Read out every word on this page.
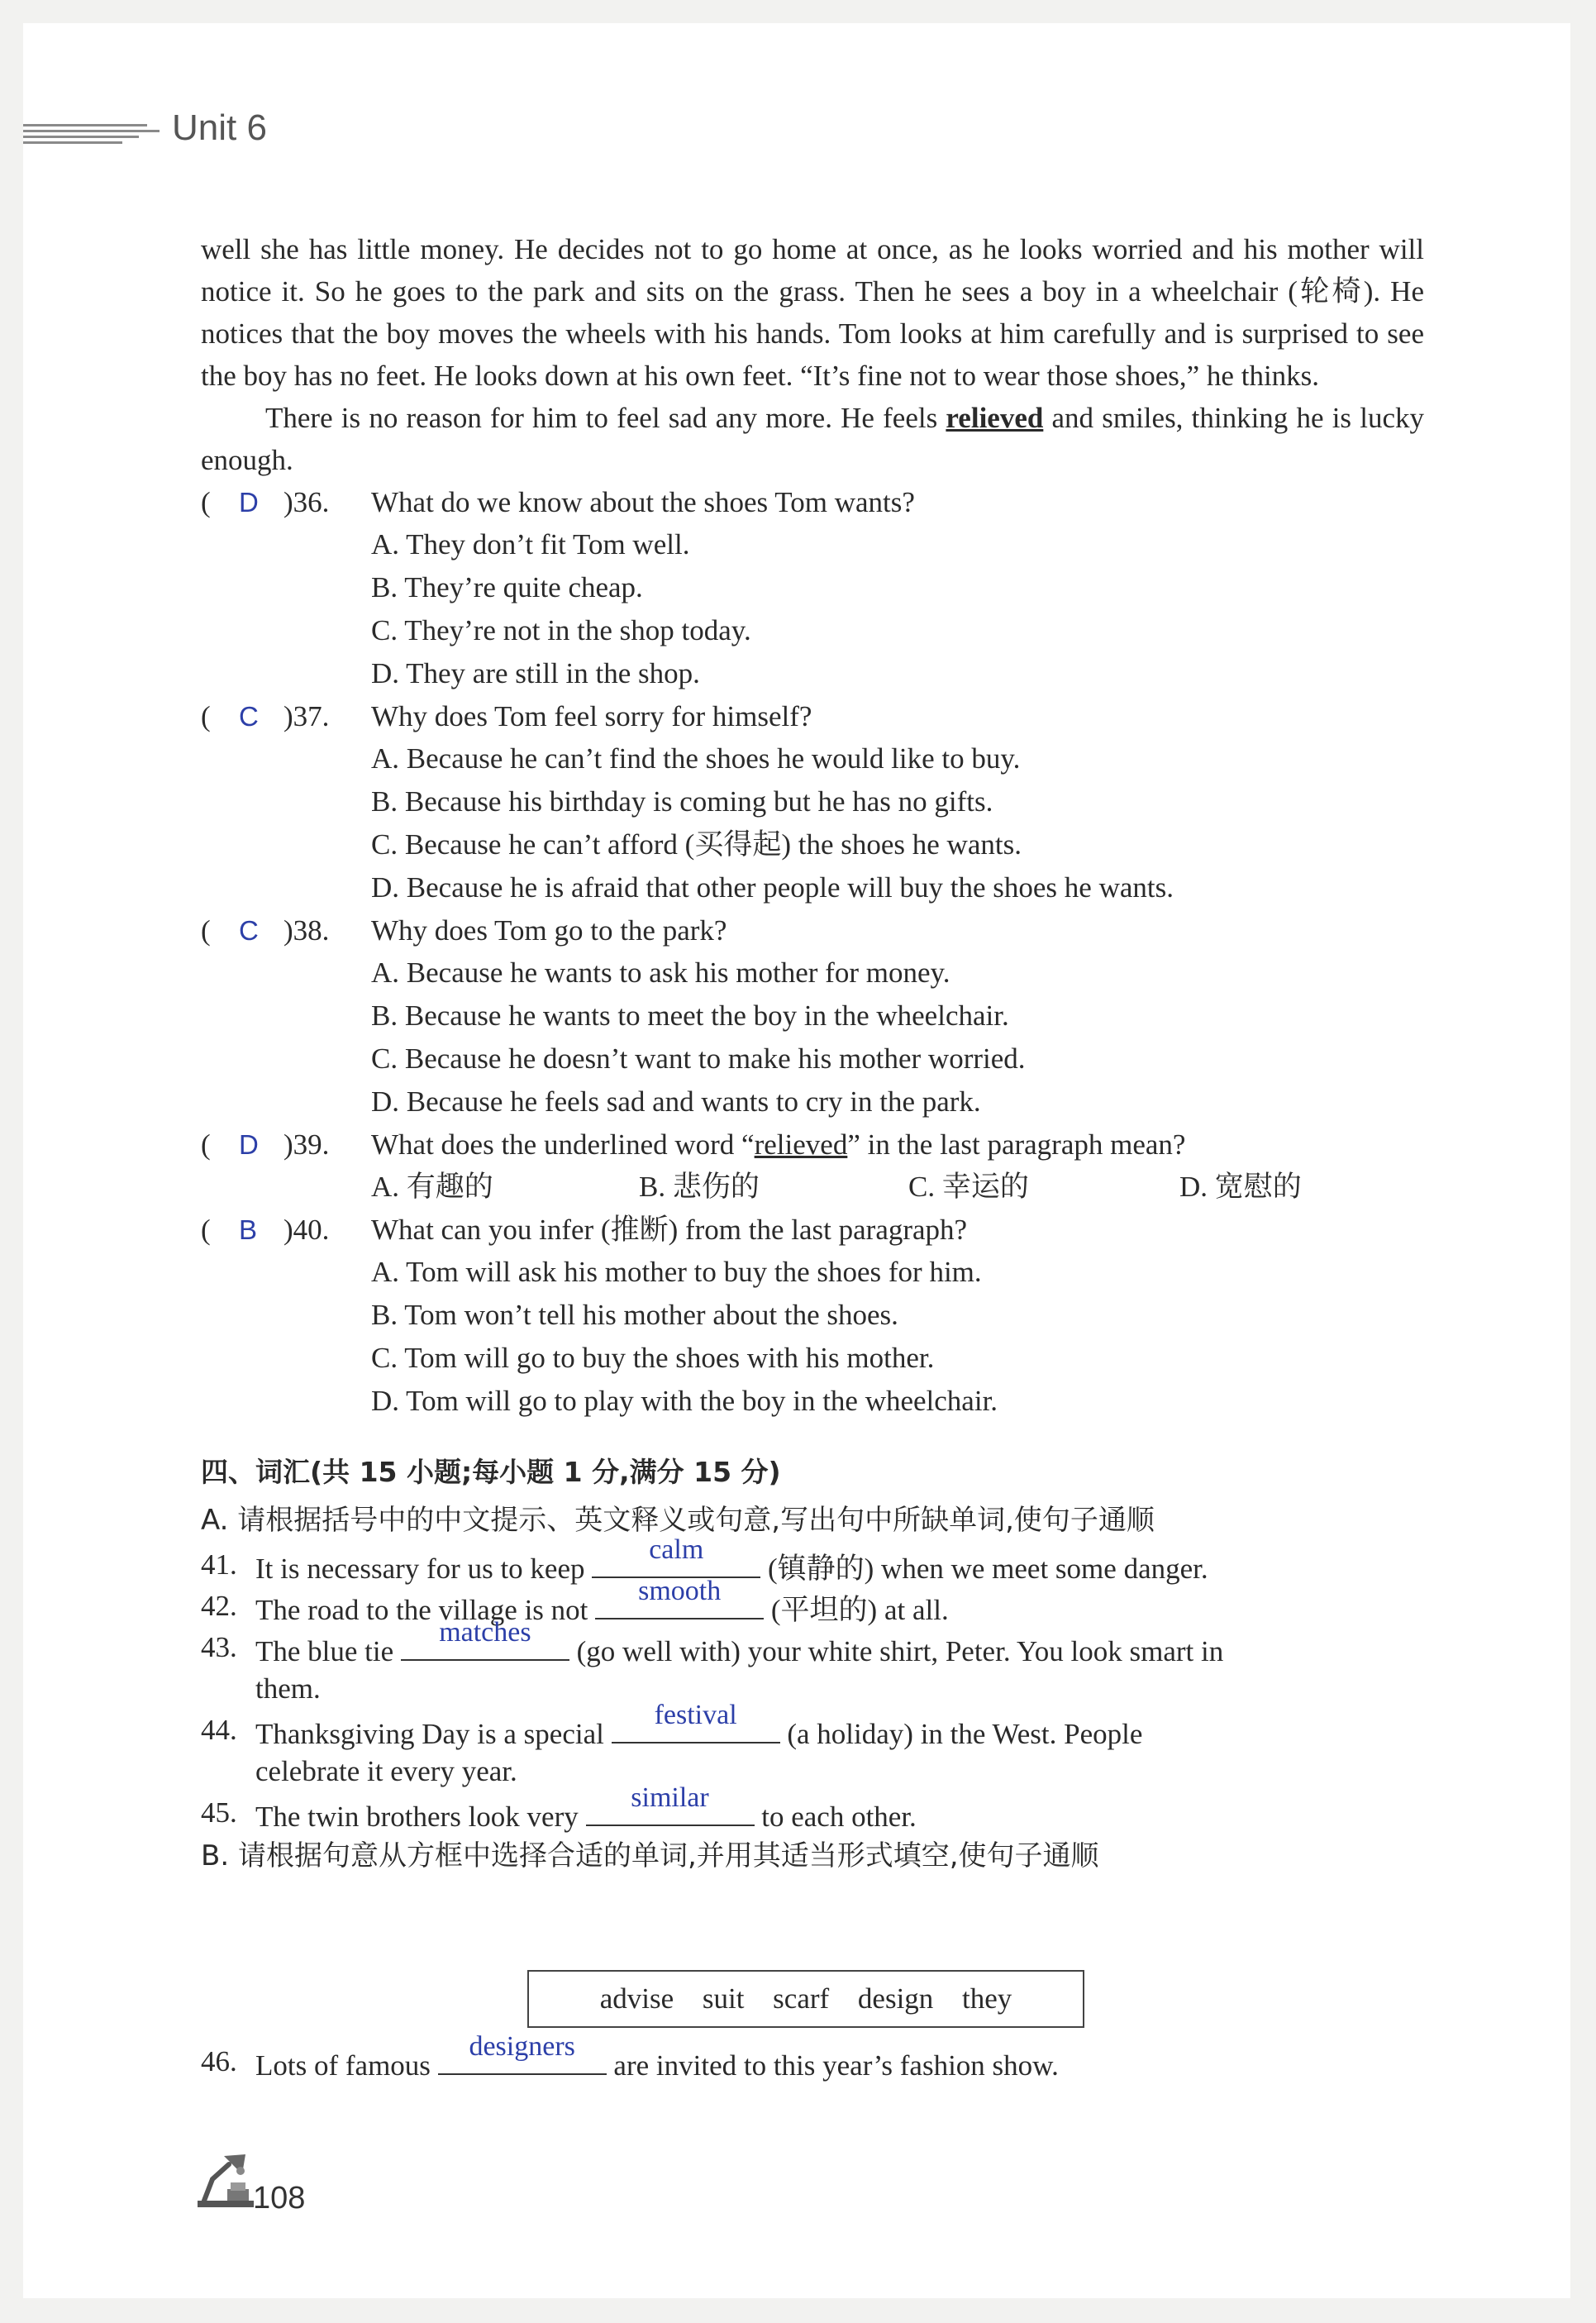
Unit 6

well she has little money. He decides not to go home at once, as he looks worried and his mother will notice it. So he goes to the park and sits on the grass. Then he sees a boy in a wheelchair (轮椅). He notices that the boy moves the wheels with his hands. Tom looks at him carefully and is surprised to see the boy has no feet. He looks down at his own feet. “It’s fine not to wear those shoes,” he thinks.

There is no reason for him to feel sad any more. He feels relieved and smiles, thinking he is lucky enough.

( D )36. What do we know about the shoes Tom wants?
A. They don’t fit Tom well.
B. They’re quite cheap.
C. They’re not in the shop today.
D. They are still in the shop.
( C )37. Why does Tom feel sorry for himself?
A. Because he can’t find the shoes he would like to buy.
B. Because his birthday is coming but he has no gifts.
C. Because he can’t afford (买得起) the shoes he wants.
D. Because he is afraid that other people will buy the shoes he wants.
( C )38. Why does Tom go to the park?
A. Because he wants to ask his mother for money.
B. Because he wants to meet the boy in the wheelchair.
C. Because he doesn’t want to make his mother worried.
D. Because he feels sad and wants to cry in the park.
( D )39. What does the underlined word “relieved” in the last paragraph mean?
A. 有趣的	B. 悲伤的	C. 幸运的	D. 宽慰的
( B )40. What can you infer (推断) from the last paragraph?
A. Tom will ask his mother to buy the shoes for him.
B. Tom won’t tell his mother about the shoes.
C. Tom will go to buy the shoes with his mother.
D. Tom will go to play with the boy in the wheelchair.
四、词汇(共 15 小题;每小题 1 分,满分 15 分)
A. 请根据括号中的中文提示、英文释义或句意,写出句中所缺单词,使句子通顺
41. It is necessary for us to keep
calm
(镇静的) when we meet some danger.
42. The road to the village is not
smooth
(平坦的) at all.
43. The blue tie
matches
(go well with) your white shirt, Peter. You look smart in
them.
44. Thanksgiving Day is a special
festival
(a holiday) in the West. People
celebrate it every year.
45. The twin brothers look very
similar
to each other.
B. 请根据句意从方框中选择合适的单词,并用其适当形式填空,使句子通顺
advise suit scarf design they
46. Lots of famous
designers
are invited to this year’s fashion show.
108
